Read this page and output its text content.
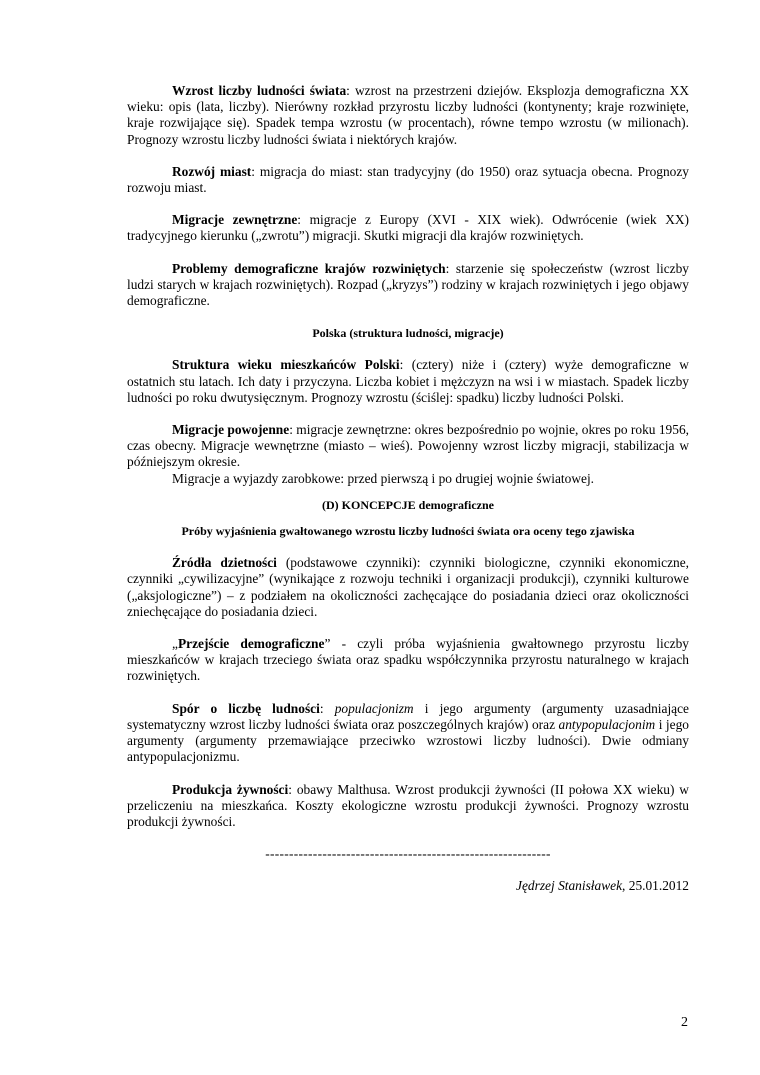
Wzrost liczby ludności świata: wzrost na przestrzeni dziejów. Eksplozja demograficzna XX wieku: opis (lata, liczby). Nierówny rozkład przyrostu liczby ludności (kontynenty; kraje rozwinięte, kraje rozwijające się). Spadek tempa wzrostu (w procentach), równe tempo wzrostu (w milionach). Prognozy wzrostu liczby ludności świata i niektórych krajów.

Rozwój miast: migracja do miast: stan tradycyjny (do 1950) oraz sytuacja obecna. Prognozy rozwoju miast.

Migracje zewnętrzne: migracje z Europy (XVI - XIX wiek). Odwrócenie (wiek XX) tradycyjnego kierunku („zwrotu”) migracji. Skutki migracji dla krajów rozwiniętych.

Problemy demograficzne krajów rozwiniętych: starzenie się społeczeństw (wzrost liczby ludzi starych w krajach rozwiniętych). Rozpad („kryzys”) rodziny w krajach rozwiniętych i jego objawy demograficzne.

Polska (struktura ludności, migracje)

Struktura wieku mieszkańców Polski: (cztery) niże i (cztery) wyże demograficzne w ostatnich stu latach. Ich daty i przyczyna. Liczba kobiet i mężczyzn na wsi i w miastach. Spadek liczby ludności po roku dwutysięcznym. Prognozy wzrostu (ściślej: spadku) liczby ludności Polski.

Migracje powojenne: migracje zewnętrzne: okres bezpośrednio po wojnie, okres po roku 1956, czas obecny. Migracje wewnętrzne (miasto – wieś). Powojenny wzrost liczby migracji, stabilizacja w późniejszym okresie.

Migracje a wyjazdy zarobkowe: przed pierwszą i po drugiej wojnie światowej.

(D) KONCEPCJE demograficzne

Próby wyjaśnienia gwałtowanego wzrostu liczby ludności świata ora oceny tego zjawiska

Źródła dzietności (podstawowe czynniki): czynniki biologiczne, czynniki ekonomiczne, czynniki „cywilizacyjne” (wynikające z rozwoju techniki i organizacji produkcji), czynniki kulturowe („aksjologiczne”) – z podziałem na okoliczności zachęcające do posiadania dzieci oraz okoliczności zniechęcające do posiadania dzieci.

„Przejście demograficzne” - czyli próba wyjaśnienia gwałtownego przyrostu liczby mieszkańców w krajach trzeciego świata oraz spadku współczynnika przyrostu naturalnego w krajach rozwiniętych.

Spór o liczbę ludności: populacjonizm i jego argumenty (argumenty uzasadniające systematyczny wzrost liczby ludności świata oraz poszczególnych krajów) oraz antypopulacjonim i jego argumenty (argumenty przemawiające przeciwko wzrostowi liczby ludności). Dwie odmiany antypopulacjonizmu.

Produkcja żywności: obawy Malthusa. Wzrost produkcji żywności (II połowa XX wieku) w przeliczeniu na mieszkańca. Koszty ekologiczne wzrostu produkcji żywności. Prognozy wzrostu produkcji żywności.

------------------------------------------------------------

Jędrzej Stanisławek, 25.01.2012

2
